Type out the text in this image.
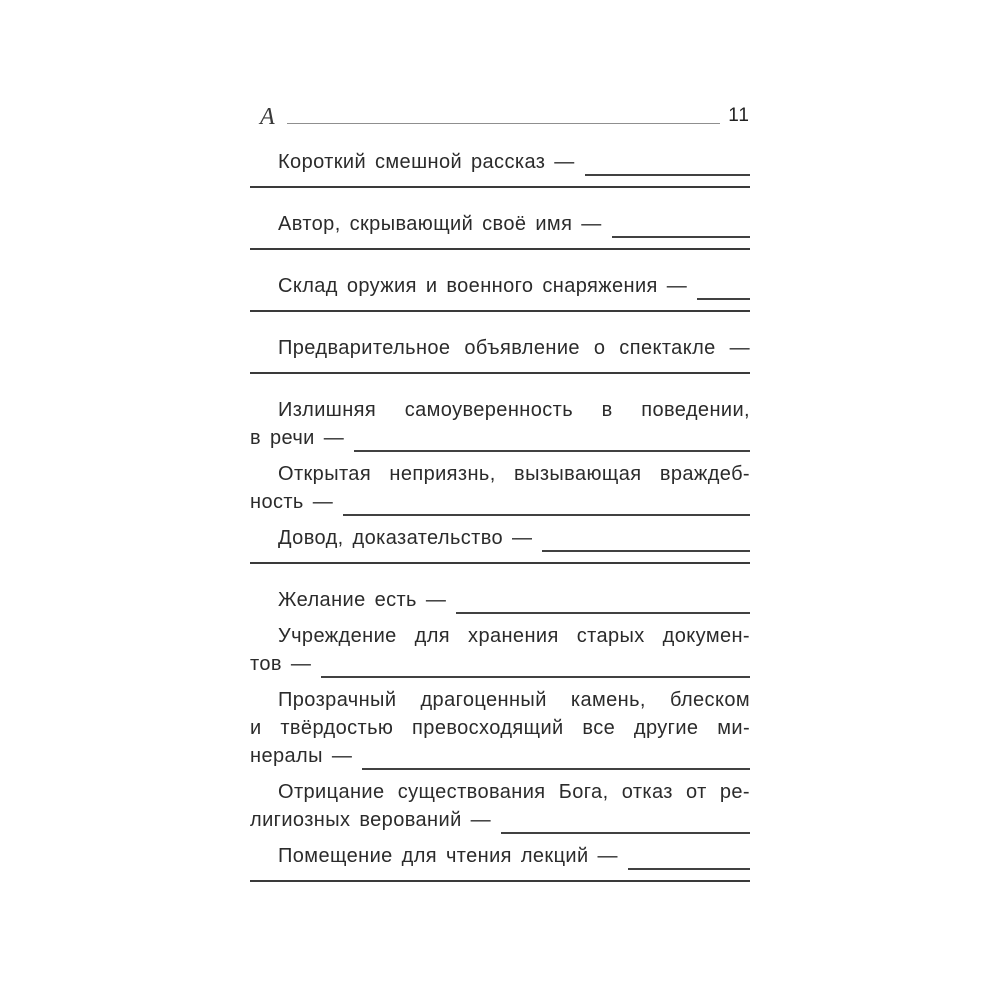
A	11
Короткий смешной рассказ —
Автор, скрывающий своё имя —
Склад оружия и военного снаряжения —
Предварительное объявление о спектакле —
Излишняя самоуверенность в поведении,
в речи —
Открытая неприязнь, вызывающая враждеб-
ность —
Довод, доказательство —
Желание есть —
Учреждение для хранения старых докумен-
тов —
Прозрачный драгоценный камень, блеском
и твёрдостью превосходящий все другие ми-
нералы —
Отрицание существования Бога, отказ от ре-
лигиозных верований —
Помещение для чтения лекций —
